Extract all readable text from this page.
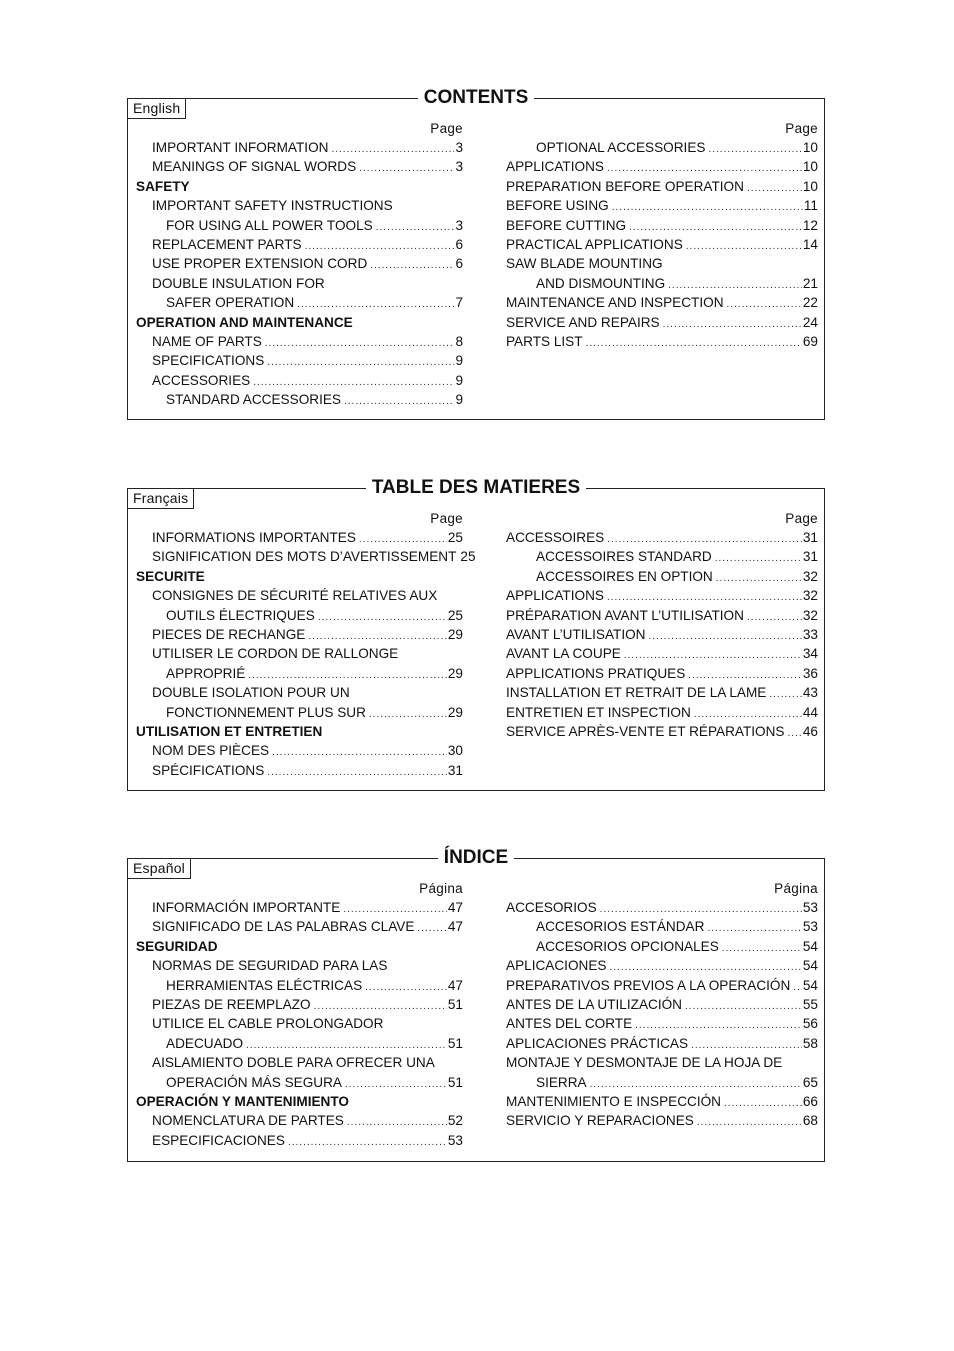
English	CONTENTS
Page
IMPORTANT INFORMATION .....	3
MEANINGS OF SIGNAL WORDS .....	3
SAFETY
IMPORTANT SAFETY INSTRUCTIONS
FOR USING ALL POWER TOOLS .....	3
REPLACEMENT PARTS .....	6
USE PROPER EXTENSION CORD .....	6
DOUBLE INSULATION FOR
SAFER OPERATION .....	7
OPERATION AND MAINTENANCE
NAME OF PARTS .....	8
SPECIFICATIONS .....	9
ACCESSORIES .....	9
STANDARD ACCESSORIES .....	9
Page
OPTIONAL ACCESSORIES .....	10
APPLICATIONS .....	10
PREPARATION BEFORE OPERATION .....	10
BEFORE USING .....	11
BEFORE CUTTING .....	12
PRACTICAL APPLICATIONS .....	14
SAW BLADE MOUNTING
AND DISMOUNTING .....	21
MAINTENANCE AND INSPECTION .....	22
SERVICE AND REPAIRS .....	24
PARTS LIST .....	69
Français	TABLE DES MATIERES
Page
INFORMATIONS IMPORTANTES .....	25
SIGNIFICATION DES MOTS D’AVERTISSEMENT 25
SECURITE
CONSIGNES DE SÉCURITÉ RELATIVES AUX
OUTILS ÉLECTRIQUES .....	25
PIECES DE RECHANGE .....	29
UTILISER LE CORDON DE RALLONGE
APPROPRIÉ .....	29
DOUBLE ISOLATION POUR UN
FONCTIONNEMENT PLUS SUR .....	29
UTILISATION ET ENTRETIEN
NOM DES PIÈCES .....	30
SPÉCIFICATIONS .....	31
Page
ACCESSOIRES .....	31
ACCESSOIRES STANDARD .....	31
ACCESSOIRES EN OPTION .....	32
APPLICATIONS .....	32
PRÉPARATION AVANT L’UTILISATION .....	32
AVANT L’UTILISATION .....	33
AVANT LA COUPE .....	34
APPLICATIONS PRATIQUES .....	36
INSTALLATION ET RETRAIT DE LA LAME .....	43
ENTRETIEN ET INSPECTION .....	44
SERVICE APRÈS-VENTE ET RÉPARATIONS ..... 46
Español	ÍNDICE
Página
INFORMACIÓN IMPORTANTE .....	47
SIGNIFICADO DE LAS PALABRAS CLAVE ..... 47
SEGURIDAD
NORMAS DE SEGURIDAD PARA LAS
HERRAMIENTAS ELÉCTRICAS .....	47
PIEZAS DE REEMPLAZO .....	51
UTILICE EL CABLE PROLONGADOR
ADECUADO .....	51
AISLAMIENTO DOBLE PARA OFRECER UNA
OPERACIÓN MÁS SEGURA .....	51
OPERACIÓN Y MANTENIMIENTO
NOMENCLATURA DE PARTES .....	52
ESPECIFICACIONES .....	53
Página
ACCESORIOS .....	53
ACCESORIOS ESTÁNDAR .....	53
ACCESORIOS OPCIONALES .....	54
APLICACIONES .....	54
PREPARATIVOS PREVIOS A LA OPERACIÓN ..... 54
ANTES DE LA UTILIZACIÓN .....	55
ANTES DEL CORTE .....	56
APLICACIONES PRÁCTICAS .....	58
MONTAJE Y DESMONTAJE DE LA HOJA DE
SIERRA .....	65
MANTENIMIENTO E INSPECCIÓN .....	66
SERVICIO Y REPARACIONES .....	68
